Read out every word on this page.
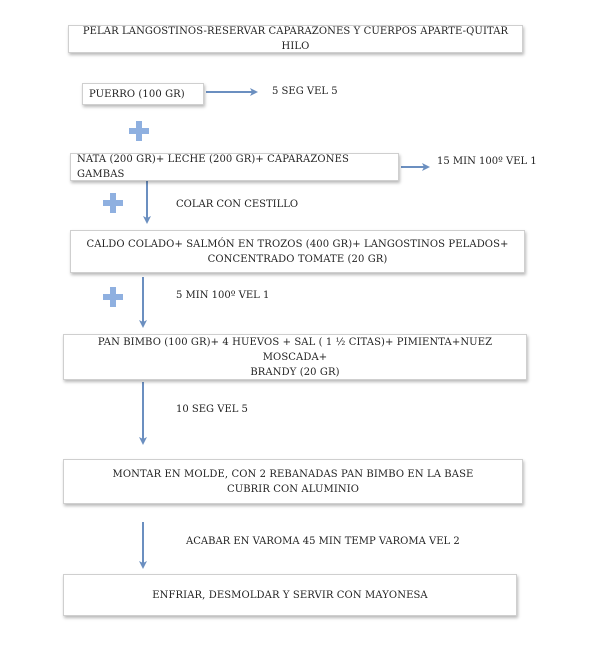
PELAR LANGOSTINOS-RESERVAR CAPARAZONES Y CUERPOS APARTE-QUITAR HILO
PUERRO (100 GR)	5 SEG VEL 5
NATA (200 GR)+ LECHE (200 GR)+ CAPARAZONES GAMBAS
15 MIN 100º VEL 1
COLAR CON CESTILLO
CALDO COLADO+ SALMÓN EN TROZOS (400 GR)+ LANGOSTINOS PELADOS+
CONCENTRADO TOMATE (20 GR)
5 MIN 100º VEL 1
PAN BIMBO (100 GR)+ 4 HUEVOS + SAL ( 1 ½ CITAS)+ PIMIENTA+NUEZ MOSCADA+
BRANDY (20 GR)
10 SEG VEL 5
MONTAR EN MOLDE, CON 2 REBANADAS PAN BIMBO EN LA BASE
CUBRIR CON ALUMINIO
ACABAR EN VAROMA 45 MIN TEMP VAROMA VEL 2
ENFRIAR, DESMOLDAR Y SERVIR CON MAYONESA
